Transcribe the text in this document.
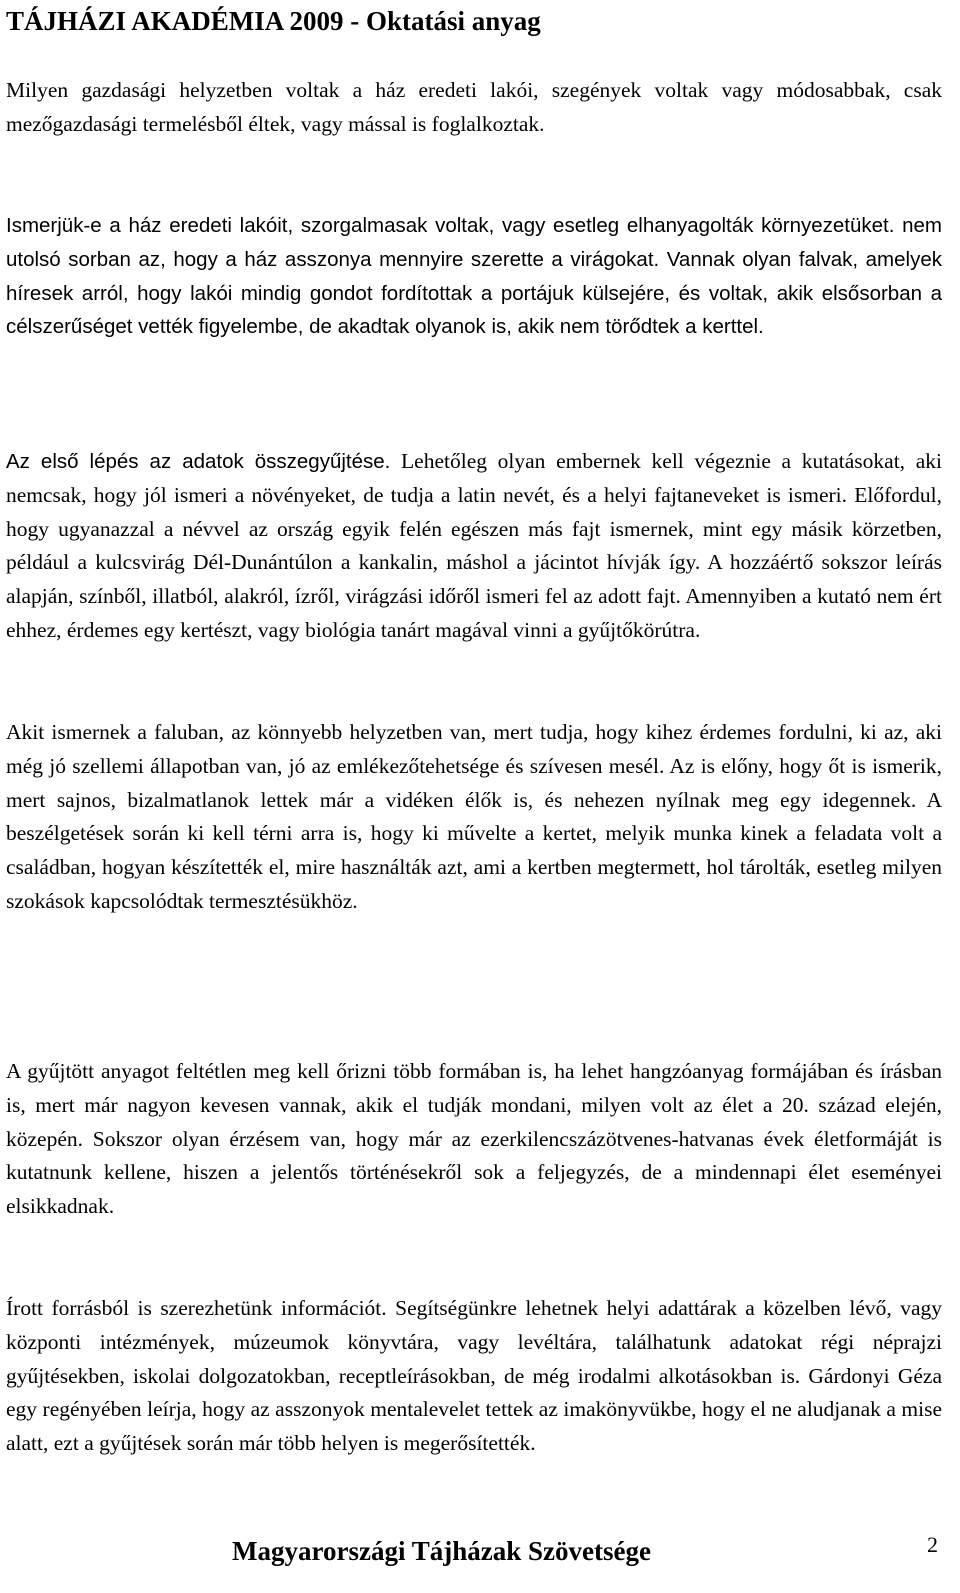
TÁJHÁZI AKADÉMIA 2009 - Oktatási anyag

Milyen gazdasági helyzetben voltak a ház eredeti lakói, szegények voltak vagy módosabbak, csak mezőgazdasági termelésből éltek, vagy mással is foglalkoztak.

Ismerjük-e a ház eredeti lakóit, szorgalmasak voltak, vagy esetleg elhanyagolták környezetüket. nem utolsó sorban az, hogy a ház asszonya mennyire szerette a virágokat. Vannak olyan falvak, amelyek híresek arról, hogy lakói mindig gondot fordítottak a portájuk külsejére, és voltak, akik elsősorban a célszerűséget vették figyelembe, de akadtak olyanok is, akik nem törődtek a kerttel.

Az első lépés az adatok összegyűjtése. Lehetőleg olyan embernek kell végeznie a kutatásokat, aki nemcsak, hogy jól ismeri a növényeket, de tudja a latin nevét, és a helyi fajtaneveket is ismeri. Előfordul, hogy ugyanazzal a névvel az ország egyik felén egészen más fajt ismernek, mint egy másik körzetben, például a kulcsvirág Dél-Dunántúlon a kankalin, máshol a jácintot hívják így. A hozzáértő sokszor leírás alapján, színből, illatból, alakról, ízről, virágzási időről ismeri fel az adott fajt. Amennyiben a kutató nem ért ehhez, érdemes egy kertészt, vagy biológia tanárt magával vinni a gyűjtőkörútra.

Akit ismernek a faluban, az könnyebb helyzetben van, mert tudja, hogy kihez érdemes fordulni, ki az, aki még jó szellemi állapotban van, jó az emlékezőtehetsége és szívesen mesél. Az is előny, hogy őt is ismerik, mert sajnos, bizalmatlanok lettek már a vidéken élők is, és nehezen nyílnak meg egy idegennek. A beszélgetések során ki kell térni arra is, hogy ki művelte a kertet, melyik munka kinek a feladata volt a családban, hogyan készítették el, mire használták azt, ami a kertben megtermett, hol tárolták, esetleg milyen szokások kapcsolódtak termesztésükhöz.

A gyűjtött anyagot feltétlen meg kell őrizni több formában is, ha lehet hangzóanyag formájában és írásban is, mert már nagyon kevesen vannak, akik el tudják mondani, milyen volt az élet a 20. század elején, közepén. Sokszor olyan érzésem van, hogy már az ezerkilencszázötvenes-hatvanas évek életformáját is kutatnunk kellene, hiszen a jelentős történésekről sok a feljegyzés, de a mindennapi élet eseményei elsikkadnak.

Írott forrásból is szerezhetünk információt. Segítségünkre lehetnek helyi adattárak a közelben lévő, vagy központi intézmények, múzeumok könyvtára, vagy levéltára, találhatunk adatokat régi néprajzi gyűjtésekben, iskolai dolgozatokban, receptleírásokban, de még irodalmi alkotásokban is. Gárdonyi Géza egy regényében leírja, hogy az asszonyok mentalevelet tettek az imakönyvükbe, hogy el ne aludjanak a mise alatt, ezt a gyűjtések során már több helyen is megerősítették.

Magyarországi Tájházak Szövetsége	2
